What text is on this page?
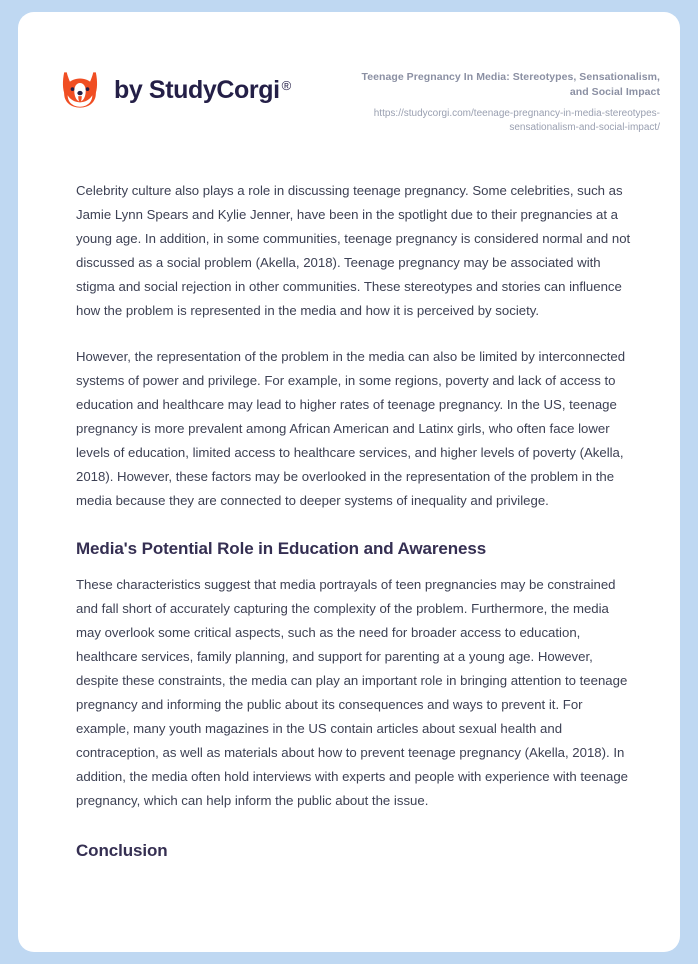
by StudyCorgi ®
Teenage Pregnancy In Media: Stereotypes, Sensationalism, and Social Impact
https://studycorgi.com/teenage-pregnancy-in-media-stereotypes-sensationalism-and-social-impact/

Celebrity culture also plays a role in discussing teenage pregnancy. Some celebrities, such as Jamie Lynn Spears and Kylie Jenner, have been in the spotlight due to their pregnancies at a young age. In addition, in some communities, teenage pregnancy is considered normal and not discussed as a social problem (Akella, 2018). Teenage pregnancy may be associated with stigma and social rejection in other communities. These stereotypes and stories can influence how the problem is represented in the media and how it is perceived by society.

However, the representation of the problem in the media can also be limited by interconnected systems of power and privilege. For example, in some regions, poverty and lack of access to education and healthcare may lead to higher rates of teenage pregnancy. In the US, teenage pregnancy is more prevalent among African American and Latinx girls, who often face lower levels of education, limited access to healthcare services, and higher levels of poverty (Akella, 2018). However, these factors may be overlooked in the representation of the problem in the media because they are connected to deeper systems of inequality and privilege.

Media's Potential Role in Education and Awareness

These characteristics suggest that media portrayals of teen pregnancies may be constrained and fall short of accurately capturing the complexity of the problem. Furthermore, the media may overlook some critical aspects, such as the need for broader access to education, healthcare services, family planning, and support for parenting at a young age. However, despite these constraints, the media can play an important role in bringing attention to teenage pregnancy and informing the public about its consequences and ways to prevent it. For example, many youth magazines in the US contain articles about sexual health and contraception, as well as materials about how to prevent teenage pregnancy (Akella, 2018). In addition, the media often hold interviews with experts and people with experience with teenage pregnancy, which can help inform the public about the issue.

Conclusion
